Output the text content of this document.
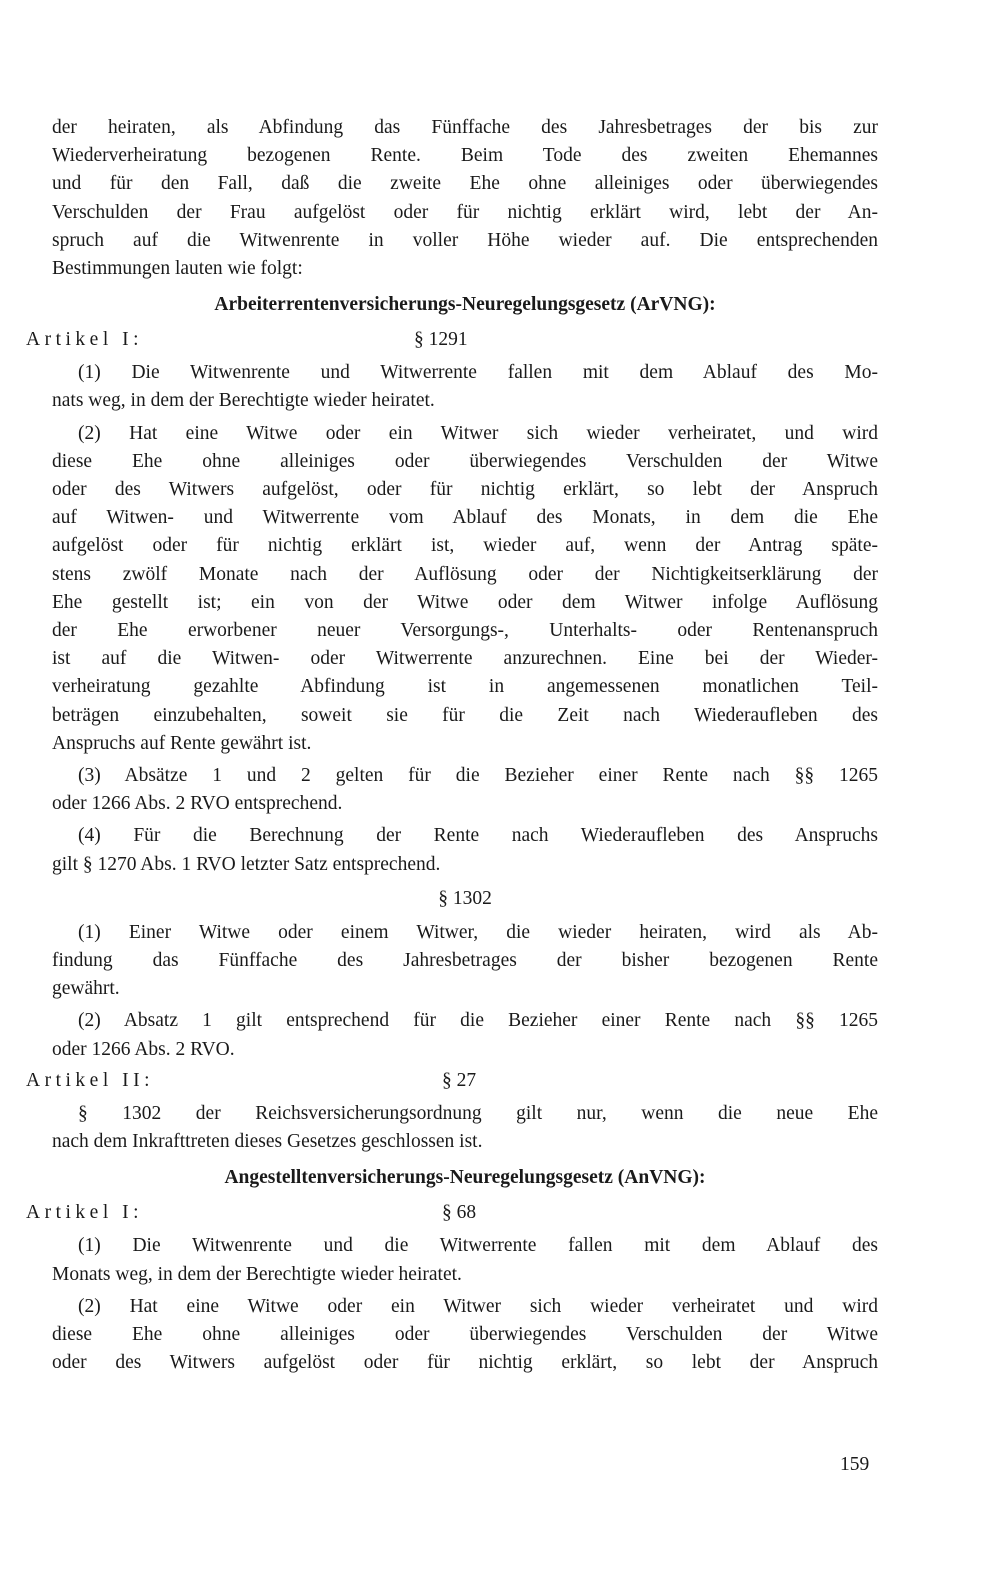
der heiraten, als Abfindung das Fünffache des Jahresbetrages der bis zur

Wiederverheiratung bezogenen Rente. Beim Tode des zweiten Ehemannes

und für den Fall, daß die zweite Ehe ohne alleiniges oder überwiegendes

Verschulden der Frau aufgelöst oder für nichtig erklärt wird, lebt der An-

spruch auf die Witwenrente in voller Höhe wieder auf. Die entsprechenden

Bestimmungen lauten wie folgt:

Arbeiterrentenversicherungs-Neuregelungsgesetz (ArVNG):
Artikel I:	§ 1291

(1) Die Witwenrente und Witwerrente fallen mit dem Ablauf des Mo-

nats weg, in dem der Berechtigte wieder heiratet.

(2) Hat eine Witwe oder ein Witwer sich wieder verheiratet, und wird

diese Ehe ohne alleiniges oder überwiegendes Verschulden der Witwe

oder des Witwers aufgelöst, oder für nichtig erklärt, so lebt der Anspruch

auf Witwen- und Witwerrente vom Ablauf des Monats, in dem die Ehe

aufgelöst oder für nichtig erklärt ist, wieder auf, wenn der Antrag späte-

stens zwölf Monate nach der Auflösung oder der Nichtigkeitserklärung der

Ehe gestellt ist; ein von der Witwe oder dem Witwer infolge Auflösung

der Ehe erworbener neuer Versorgungs-, Unterhalts- oder Rentenanspruch

ist auf die Witwen- oder Witwerrente anzurechnen. Eine bei der Wieder-

verheiratung gezahlte Abfindung ist in angemessenen monatlichen Teil-

beträgen einzubehalten, soweit sie für die Zeit nach Wiederaufleben des

Anspruchs auf Rente gewährt ist.

(3) Absätze 1 und 2 gelten für die Bezieher einer Rente nach §§ 1265

oder 1266 Abs. 2 RVO entsprechend.

(4) Für die Berechnung der Rente nach Wiederaufleben des Anspruchs

gilt § 1270 Abs. 1 RVO letzter Satz entsprechend.

§ 1302

(1) Einer Witwe oder einem Witwer, die wieder heiraten, wird als Ab-

findung das Fünffache des Jahresbetrages der bisher bezogenen Rente

gewährt.

(2) Absatz 1 gilt entsprechend für die Bezieher einer Rente nach §§ 1265

oder 1266 Abs. 2 RVO.

Artikel II:	§ 27

§ 1302 der Reichsversicherungsordnung gilt nur, wenn die neue Ehe

nach dem Inkrafttreten dieses Gesetzes geschlossen ist.

Angestelltenversicherungs-Neuregelungsgesetz (AnVNG):
Artikel I:	§ 68

(1) Die Witwenrente und die Witwerrente fallen mit dem Ablauf des

Monats weg, in dem der Berechtigte wieder heiratet.

(2) Hat eine Witwe oder ein Witwer sich wieder verheiratet und wird

diese Ehe ohne alleiniges oder überwiegendes Verschulden der Witwe

oder des Witwers aufgelöst oder für nichtig erklärt, so lebt der Anspruch

159
